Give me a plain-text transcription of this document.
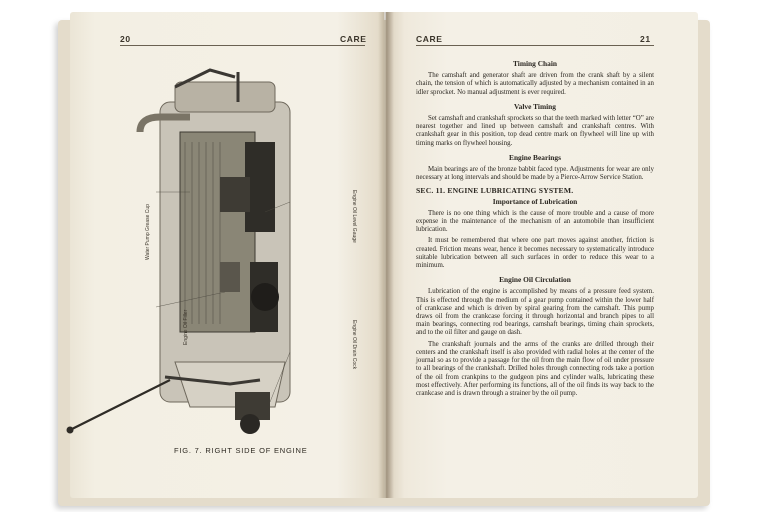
20	CARE
Water Pump Grease Cup
Engine Oil Filler
Engine Oil Level Gauge
Engine Oil Drain Cock
FIG. 7. RIGHT SIDE OF ENGINE
CARE	21
Timing Chain
The camshaft and generator shaft are driven from the crank shaft by a silent chain, the tension of which is automatically adjusted by a mechanism contained in an idler sprocket. No manual adjustment is ever required.
Valve Timing
Set camshaft and crankshaft sprockets so that the teeth marked with letter “O” are nearest together and lined up between camshaft and crankshaft centres. With crankshaft gear in this position, top dead centre mark on flywheel will line up with timing marks on flywheel housing.
Engine Bearings
Main bearings are of the bronze babbit faced type. Adjustments for wear are only necessary at long intervals and should be made by a Pierce-Arrow Service Station.
SEC. 11. ENGINE LUBRICATING SYSTEM.
Importance of Lubrication
There is no one thing which is the cause of more trouble and a cause of more expense in the maintenance of the mechanism of an automobile than insufficient lubrication.
It must be remembered that where one part moves against another, friction is created. Friction means wear, hence it becomes necessary to systematically introduce suitable lubrication between all such surfaces in order to reduce this wear to a minimum.
Engine Oil Circulation
Lubrication of the engine is accomplished by means of a pressure feed system. This is effected through the medium of a gear pump contained within the lower half of crankcase and which is driven by spiral gearing from the camshaft. This pump draws oil from the crankcase forcing it through horizontal and branch pipes to all main bearings, connecting rod bearings, camshaft bearings, timing chain sprockets, and to the oil filter and gauge on dash.
The crankshaft journals and the arms of the cranks are drilled through their centers and the crankshaft itself is also provided with radial holes at the center of the journal so as to provide a passage for the oil from the main flow of oil under pressure to all bearings of the crankshaft. Drilled holes through connecting rods take a portion of the oil from crankpins to the gudgeon pins and cylinder walls, lubricating these most effectively. After performing its functions, all of the oil finds its way back to the crankcase and is drawn through a strainer by the oil pump.
